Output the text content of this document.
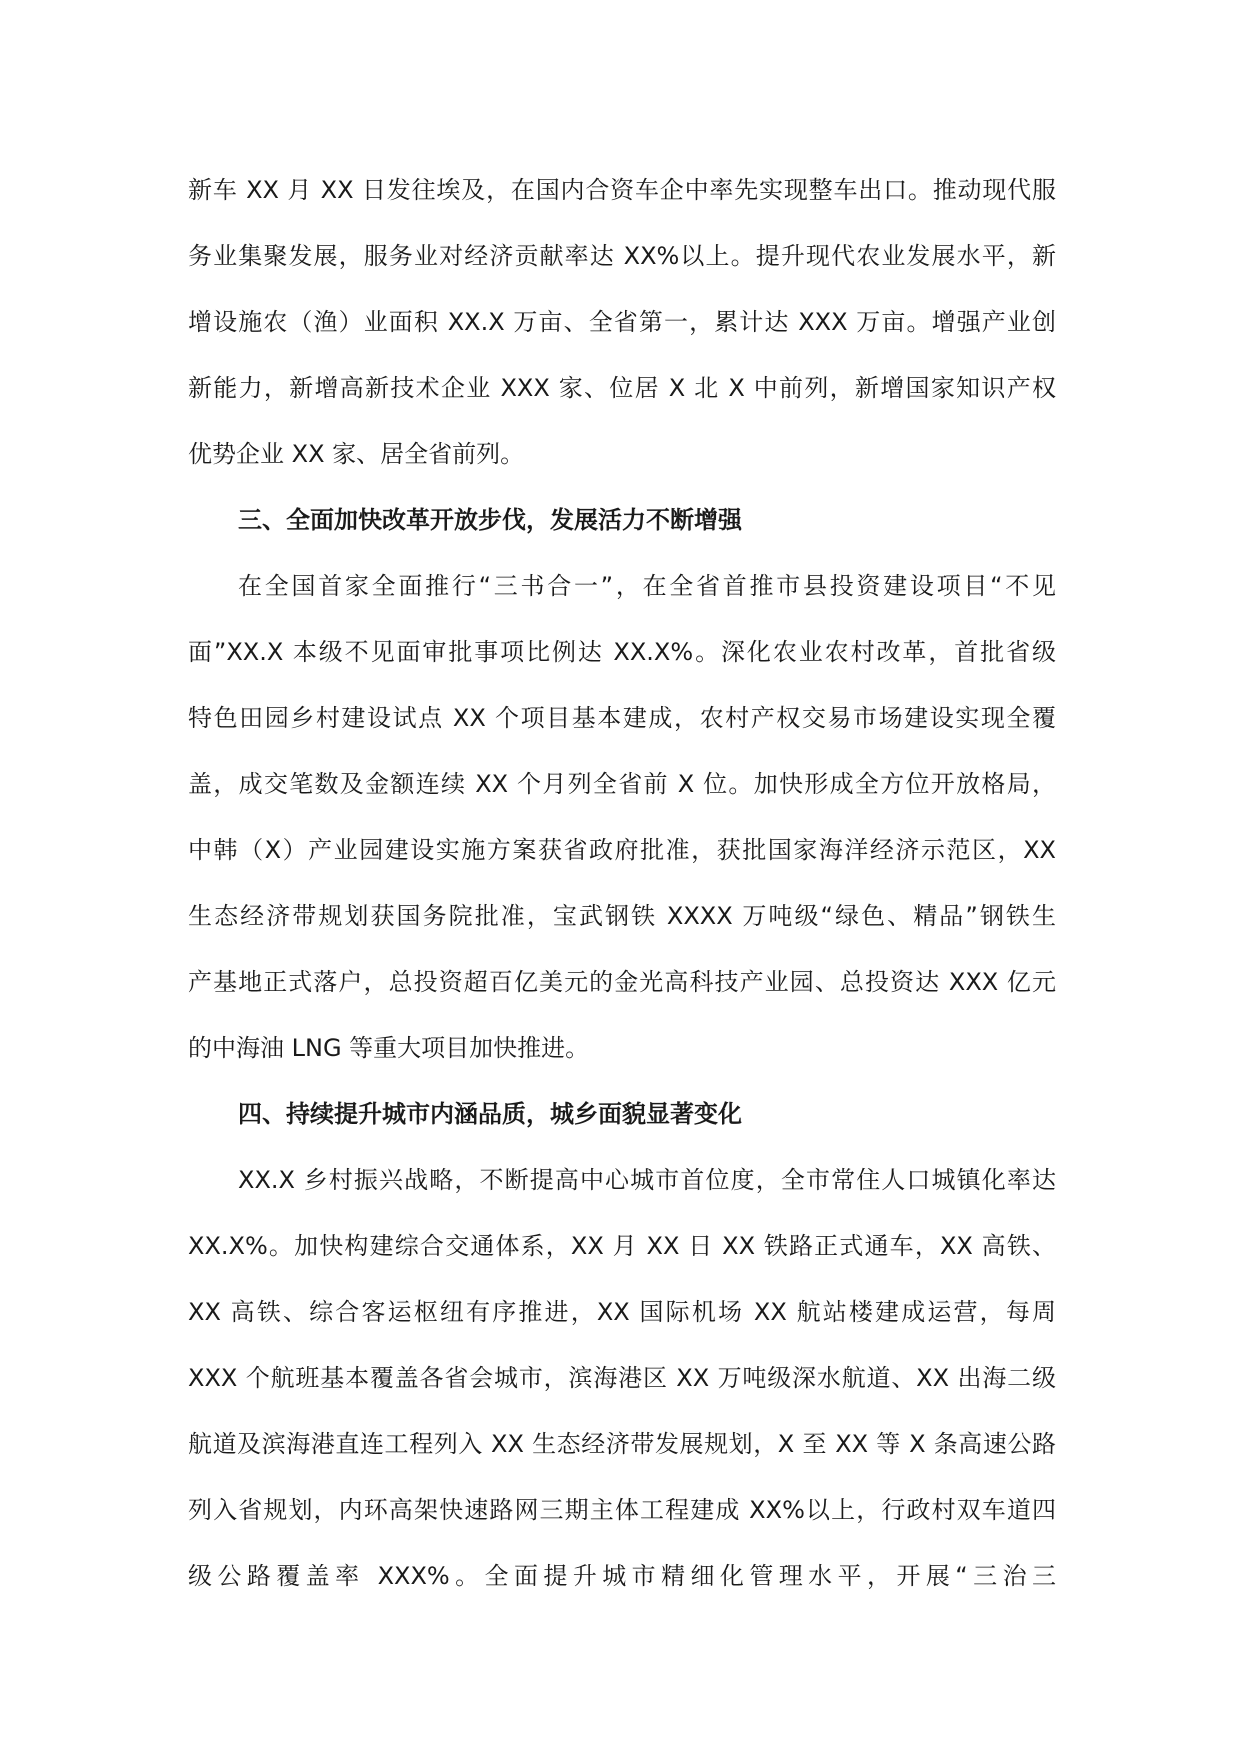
新车 XX 月 XX 日发往埃及，在国内合资车企中率先实现整车出口。推动现代服
务业集聚发展，服务业对经济贡献率达 XX%以上。提升现代农业发展水平，新
增设施农（渔）业面积 XX.X 万亩、全省第一，累计达 XXX 万亩。增强产业创
新能力，新增高新技术企业 XXX 家、位居 X 北 X 中前列，新增国家知识产权
优势企业 XX 家、居全省前列。
三、全面加快改革开放步伐，发展活力不断增强
在全国首家全面推行“三书合一”，在全省首推市县投资建设项目“不见
面”XX.X 本级不见面审批事项比例达 XX.X%。深化农业农村改革，首批省级
特色田园乡村建设试点 XX 个项目基本建成，农村产权交易市场建设实现全覆
盖，成交笔数及金额连续 XX 个月列全省前 X 位。加快形成全方位开放格局，
中韩（X）产业园建设实施方案获省政府批准，获批国家海洋经济示范区，XX
生态经济带规划获国务院批准，宝武钢铁 XXXX 万吨级“绿色、精品”钢铁生
产基地正式落户，总投资超百亿美元的金光高科技产业园、总投资达 XXX 亿元
的中海油 LNG 等重大项目加快推进。
四、持续提升城市内涵品质，城乡面貌显著变化
XX.X 乡村振兴战略，不断提高中心城市首位度，全市常住人口城镇化率达
XX.X%。加快构建综合交通体系，XX 月 XX 日 XX 铁路正式通车，XX 高铁、
XX 高铁、综合客运枢纽有序推进，XX 国际机场 XX 航站楼建成运营，每周
XXX 个航班基本覆盖各省会城市，滨海港区 XX 万吨级深水航道、XX 出海二级
航道及滨海港直连工程列入 XX 生态经济带发展规划，X 至 XX 等 X 条高速公路
列入省规划，内环高架快速路网三期主体工程建成 XX%以上，行政村双车道四
级公路覆盖率 XXX%。全面提升城市精细化管理水平，开展“三治三
